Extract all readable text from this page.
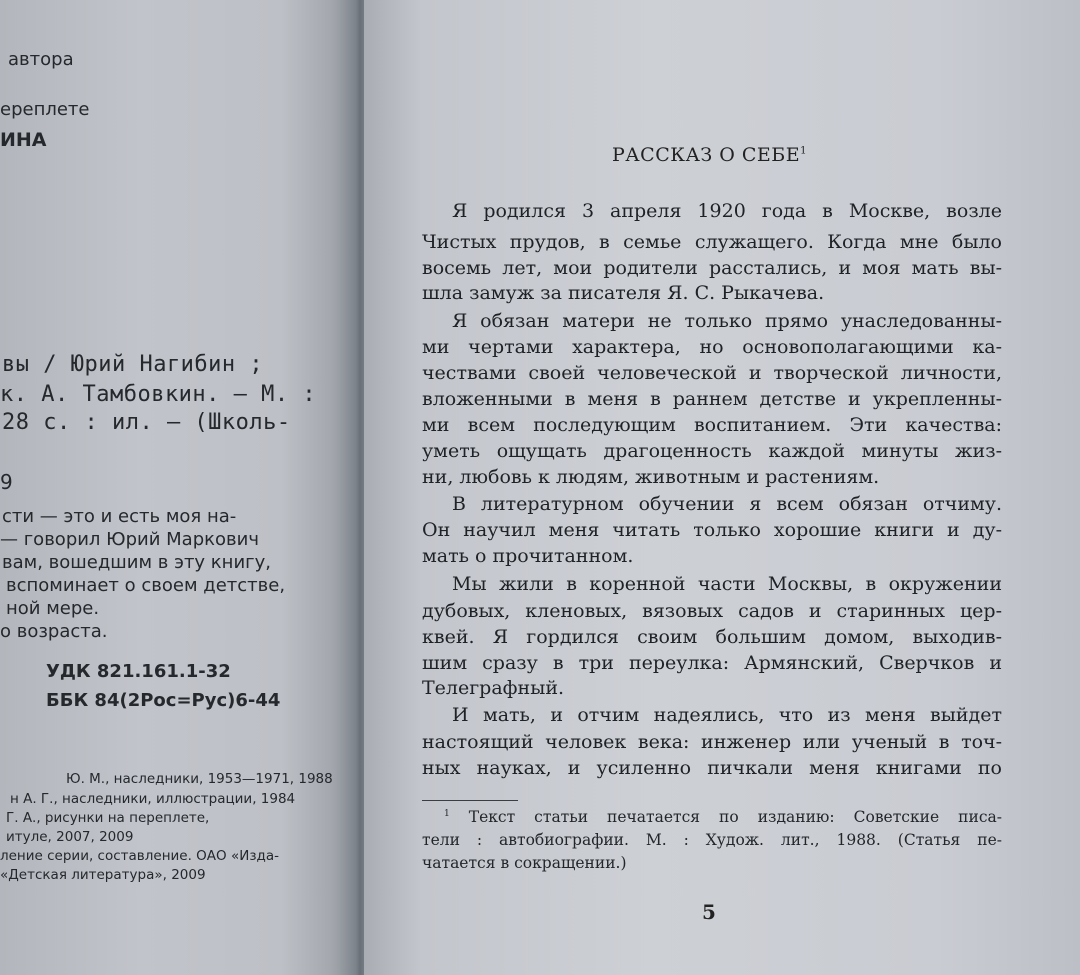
автора
ереплете
ИНА
вы / Юрий Нагибин ;
к. А. Тамбовкин. — М. :
28 с. : ил. — (Школь-
9
сти — это и есть моя на-
— говорил Юрий Маркович
вам, вошедшим в эту книгу,
вспоминает о своем детстве,
ной мере.
о возраста.
УДК 821.161.1-32
ББК 84(2Рос=Рус)6-44
Ю. М., наследники, 1953—1971, 1988
н А. Г., наследники, иллюстрации, 1984
Г. А., рисунки на переплете,
итуле, 2007, 2009
ление серии, составление. ОАО «Изда-
«Детская литература», 2009
РАССКАЗ О СЕБЕ$^1$
Я родился 3 апреля 1920 года в Москве, возле
Чистых прудов, в семье служащего. Когда мне было
восемь лет, мои родители расстались, и моя мать вы-
шла замуж за писателя Я. С. Рыкачева.
Я обязан матери не только прямо унаследованны-
ми чертами характера, но основополагающими ка-
чествами своей человеческой и творческой личности,
вложенными в меня в раннем детстве и укрепленны-
ми всем последующим воспитанием. Эти качества:
уметь ощущать драгоценность каждой минуты жиз-
ни, любовь к людям, животным и растениям.
В литературном обучении я всем обязан отчиму.
Он научил меня читать только хорошие книги и ду-
мать о прочитанном.
Мы жили в коренной части Москвы, в окружении
дубовых, кленовых, вязовых садов и старинных цер-
квей. Я гордился своим большим домом, выходив-
шим сразу в три переулка: Армянский, Сверчков и
Телеграфный.
И мать, и отчим надеялись, что из меня выйдет
настоящий человек века: инженер или ученый в точ-
ных науках, и усиленно пичкали меня книгами по
$^1$ Текст статьи печатается по изданию: Советские писа-
тели : автобиографии. М. : Худож. лит., 1988. (Статья пе-
чатается в сокращении.)
5
